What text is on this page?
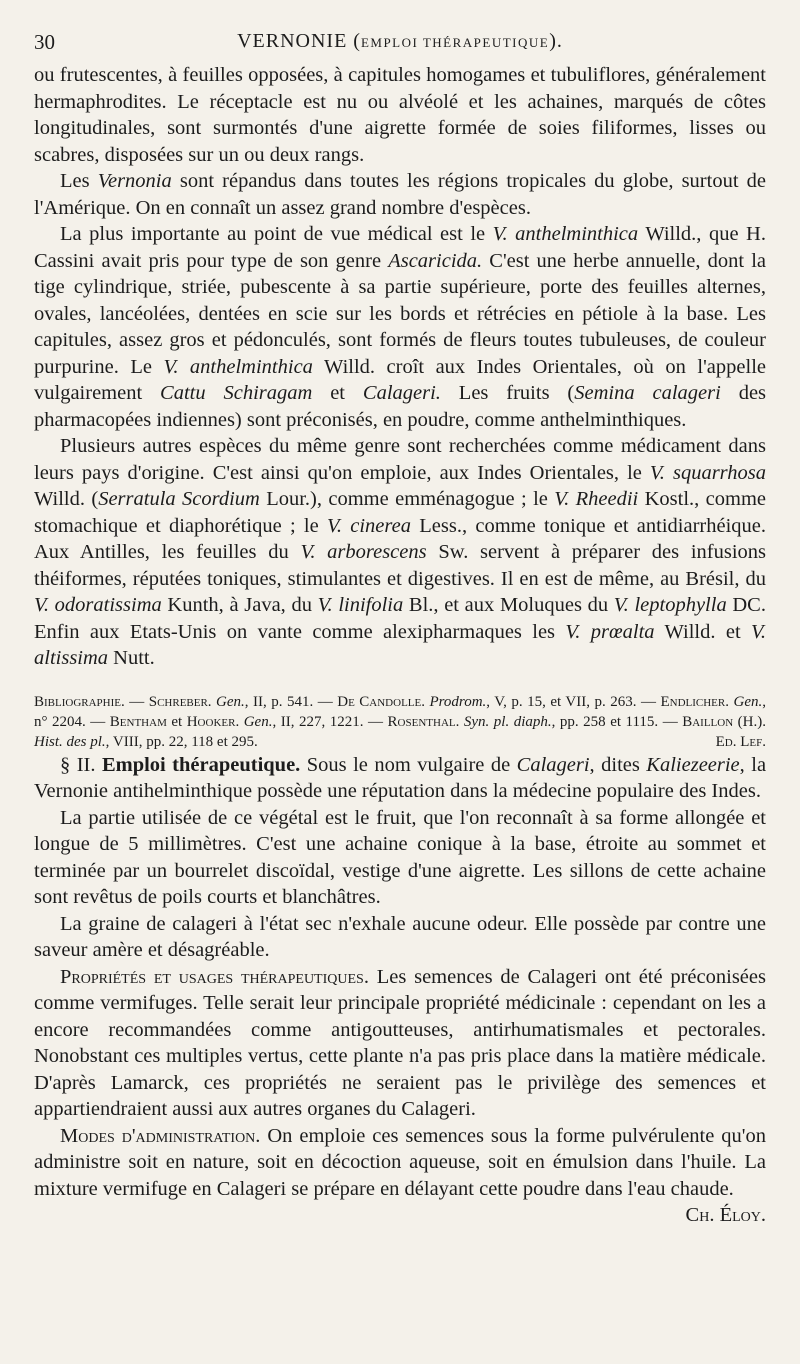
30	VERNONIE (EMPLOI THÉRAPEUTIQUE).

ou frutescentes, à feuilles opposées, à capitules homogames et tubuliflores, généralement hermaphrodites. Le réceptacle est nu ou alvéolé et les achaines, marqués de côtes longitudinales, sont surmontés d'une aigrette formée de soies filiformes, lisses ou scabres, disposées sur un ou deux rangs.

Les Vernonia sont répandus dans toutes les régions tropicales du globe, surtout de l'Amérique. On en connaît un assez grand nombre d'espèces.

La plus importante au point de vue médical est le V. anthelminthica Willd., que H. Cassini avait pris pour type de son genre Ascaricida. C'est une herbe annuelle, dont la tige cylindrique, striée, pubescente à sa partie supérieure, porte des feuilles alternes, ovales, lancéolées, dentées en scie sur les bords et rétrécies en pétiole à la base. Les capitules, assez gros et pédonculés, sont formés de fleurs toutes tubuleuses, de couleur purpurine. Le V. anthelminthica Willd. croît aux Indes Orientales, où on l'appelle vulgairement Cattu Schiragam et Calageri. Les fruits (Semina calageri des pharmacopées indiennes) sont préconisés, en poudre, comme anthelminthiques.

Plusieurs autres espèces du même genre sont recherchées comme médicament dans leurs pays d'origine. C'est ainsi qu'on emploie, aux Indes Orientales, le V. squarrhosa Willd. (Serratula Scordium Lour.), comme emménagogue ; le V. Rheedii Kostl., comme stomachique et diaphorétique ; le V. cinerea Less., comme tonique et antidiarrhéique. Aux Antilles, les feuilles du V. arborescens Sw. servent à préparer des infusions théiformes, réputées toniques, stimulantes et digestives. Il en est de même, au Brésil, du V. odoratissima Kunth, à Java, du V. linifolia Bl., et aux Moluques du V. leptophylla DC. Enfin aux Etats-Unis on vante comme alexipharmaques les V. prœalta Willd. et V. altissima Nutt.

Bibliographie. — Schreber. Gen., II, p. 541. — De Candolle. Prodrom., V, p. 15, et VII, p. 263. — Endlicher. Gen., n° 2204. — Bentham et Hooker. Gen., II, 227, 1221. — Rosenthal. Syn. pl. diaph., pp. 258 et 1115. — Baillon (H.). Hist. des pl., VIII, pp. 22, 118 et 295.	Ed. Lef.

§ II. Emploi thérapeutique. Sous le nom vulgaire de Calageri, dites Kaliezeerie, la Vernonie antihelminthique possède une réputation dans la médecine populaire des Indes.

La partie utilisée de ce végétal est le fruit, que l'on reconnaît à sa forme allongée et longue de 5 millimètres. C'est une achaine conique à la base, étroite au sommet et terminée par un bourrelet discoïdal, vestige d'une aigrette. Les sillons de cette achaine sont revêtus de poils courts et blanchâtres.

La graine de calageri à l'état sec n'exhale aucune odeur. Elle possède par contre une saveur amère et désagréable.

Propriétés et usages thérapeutiques. Les semences de Calageri ont été préconisées comme vermifuges. Telle serait leur principale propriété médicinale : cependant on les a encore recommandées comme antigoutteuses, antirhumatismales et pectorales. Nonobstant ces multiples vertus, cette plante n'a pas pris place dans la matière médicale. D'après Lamarck, ces propriétés ne seraient pas le privilège des semences et appartiendraient aussi aux autres organes du Calageri.

Modes d'administration. On emploie ces semences sous la forme pulvérulente qu'on administre soit en nature, soit en décoction aqueuse, soit en émulsion dans l'huile. La mixture vermifuge en Calageri se prépare en délayant cette poudre dans l'eau chaude.
Ch. Éloy.
